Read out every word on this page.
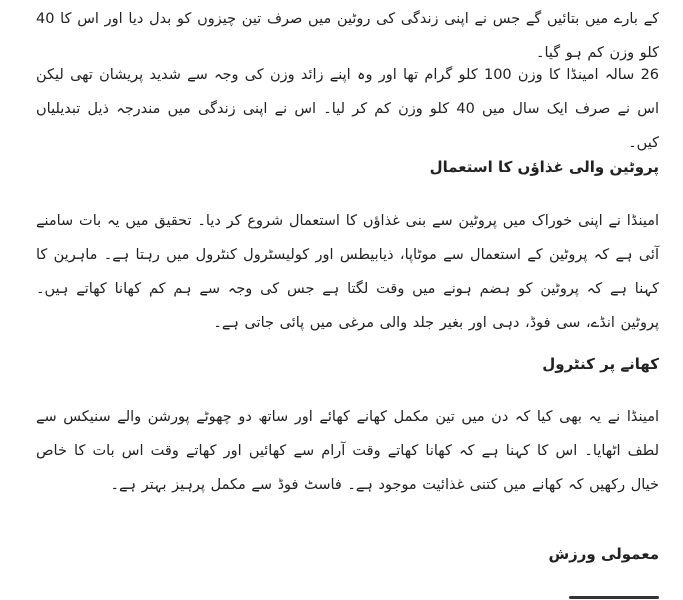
کے بارے میں بتائیں گے جس نے اپنی زندگی کی روٹین میں صرف تین چیزوں کو بدل دیا اور اس کا 40 کلو وزن کم ہو گیا۔

26 سالہ امینڈا کا وزن 100 کلو گرام تھا اور وہ اپنے زائد وزن کی وجہ سے شدید پریشان تھی لیکن اس نے صرف ایک سال میں 40 کلو وزن کم کر لیا۔ اس نے اپنی زندگی میں مندرجہ ذیل تبدیلیاں کیں۔

پروٹین والی غذاؤں کا استعمال

امینڈا نے اپنی خوراک میں پروٹین سے بنی غذاؤں کا استعمال شروع کر دیا۔ تحقیق میں یہ بات سامنے آئی ہے کہ پروٹین کے استعمال سے موٹاپا، ذیابیطس اور کولیسٹرول کنٹرول میں رہتا ہے۔ ماہرین کا کہنا ہے کہ پروٹین کو ہضم ہونے میں وقت لگتا ہے جس کی وجہ سے ہم کم کھانا کھاتے ہیں۔ پروٹین انڈے، سی فوڈ، دہی اور بغیر جلد والی مرغی میں پائی جاتی ہے۔

کھانے پر کنٹرول

امینڈا نے یہ بھی کیا کہ دن میں تین مکمل کھانے کھائے اور ساتھ دو چھوٹے پورشن والے سنیکس سے لطف اٹھایا۔ اس کا کہنا ہے کہ کھانا کھاتے وقت آرام سے کھائیں اور کھاتے وقت اس بات کا خاص خیال رکھیں کہ کھانے میں کتنی غذائیت موجود ہے۔ فاسٹ فوڈ سے مکمل پرہیز بہتر ہے۔

معمولی ورزش
